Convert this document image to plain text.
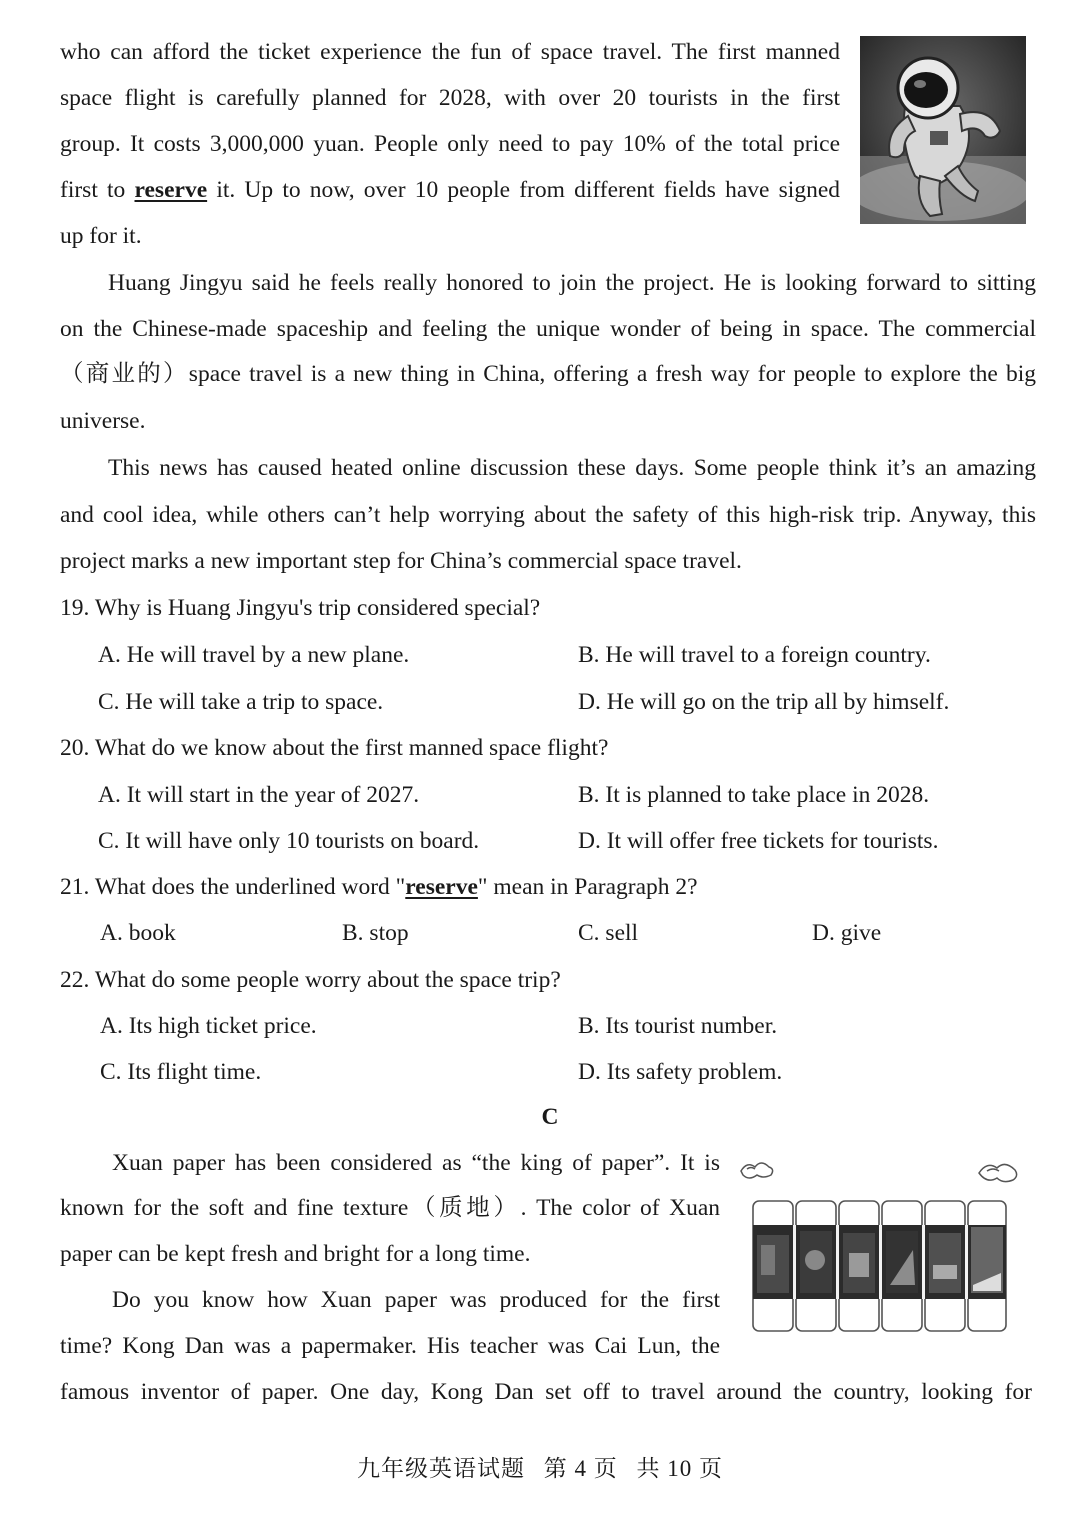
who can afford the ticket experience the fun of space travel. The first manned
space flight is carefully planned for 2028, with over 20 tourists in the first
group. It costs 3,000,000 yuan. People only need to pay 10% of the total price
first to reserve it. Up to now, over 10 people from different fields have signed
up for it.
Huang Jingyu said he feels really honored to join the project. He is looking forward to sitting
on the Chinese-made spaceship and feeling the unique wonder of being in space. The commercial
（商业的）space travel is a new thing in China, offering a fresh way for people to explore the big
universe.
This news has caused heated online discussion these days. Some people think it’s an amazing
and cool idea, while others can’t help worrying about the safety of this high-risk trip. Anyway, this
project marks a new important step for China’s commercial space travel.
19. Why is Huang Jingyu's trip considered special?
A. He will travel by a new plane.	B. He will travel to a foreign country.
C. He will take a trip to space.	D. He will go on the trip all by himself.
20. What do we know about the first manned space flight?
A. It will start in the year of 2027.	B. It is planned to take place in 2028.
C. It will have only 10 tourists on board.	D. It will offer free tickets for tourists.
21. What does the underlined word "reserve" mean in Paragraph 2?
A. book	B. stop	C. sell	D. give
22. What do some people worry about the space trip?
A. Its high ticket price.	B. Its tourist number.
C. Its flight time.	D. Its safety problem.
C
Xuan paper has been considered as “the king of paper”. It is
known for the soft and fine texture（质地）. The color of Xuan
paper can be kept fresh and bright for a long time.
Do you know how Xuan paper was produced for the first
time? Kong Dan was a papermaker. His teacher was Cai Lun, the
famous inventor of paper. One day, Kong Dan set off to travel around the country, looking for
九年级英语试题 第 4 页 共 10 页
